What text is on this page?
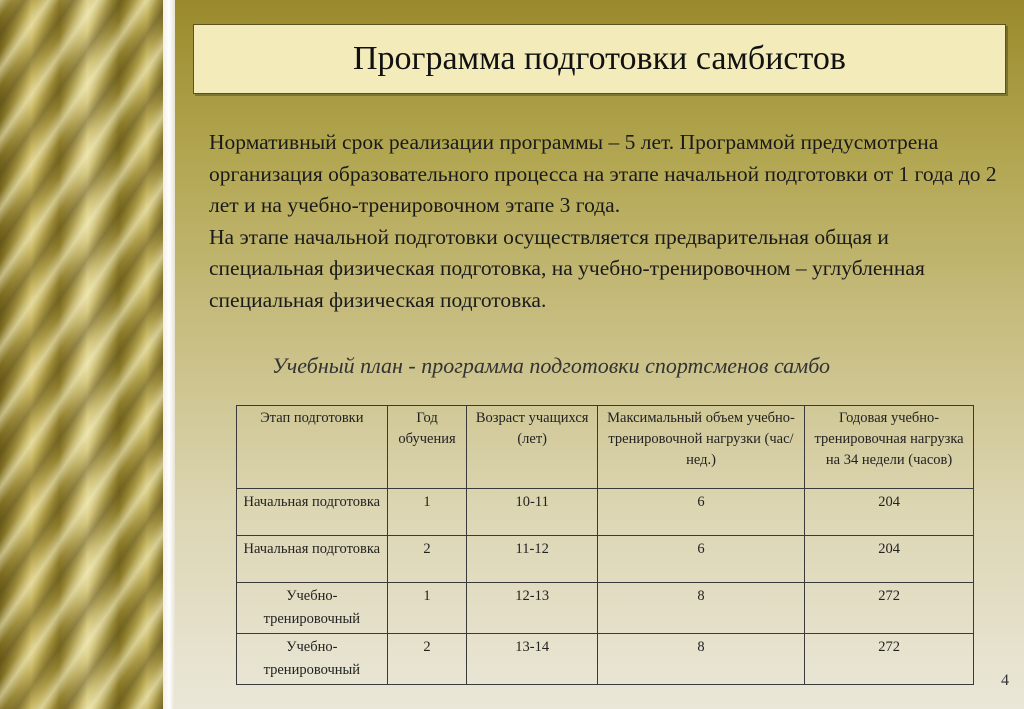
Программа подготовки самбистов

Нормативный срок реализации программы – 5 лет. Программой предусмотрена организация образовательного процесса на этапе начальной подготовки от 1 года до 2 лет и на учебно-тренировочном этапе 3 года.

На этапе начальной подготовки осуществляется предварительная общая и специальная физическая подготовка, на учебно-тренировочном – углубленная специальная физическая подготовка.

Учебный план - программа подготовки спортсменов самбо
Этап подготовки	Год обучения	Возраст учащихся (лет)	Максимальный объем учебно-тренировочной нагрузки (час/нед.)	Годовая учебно-тренировочная нагрузка на 34 недели (часов)
Начальная подготовка	1	10-11	6	204
Начальная подготовка	2	11-12	6	204
Учебно-тренировочный	1	12-13	8	272
Учебно-тренировочный	2	13-14	8	272
4
